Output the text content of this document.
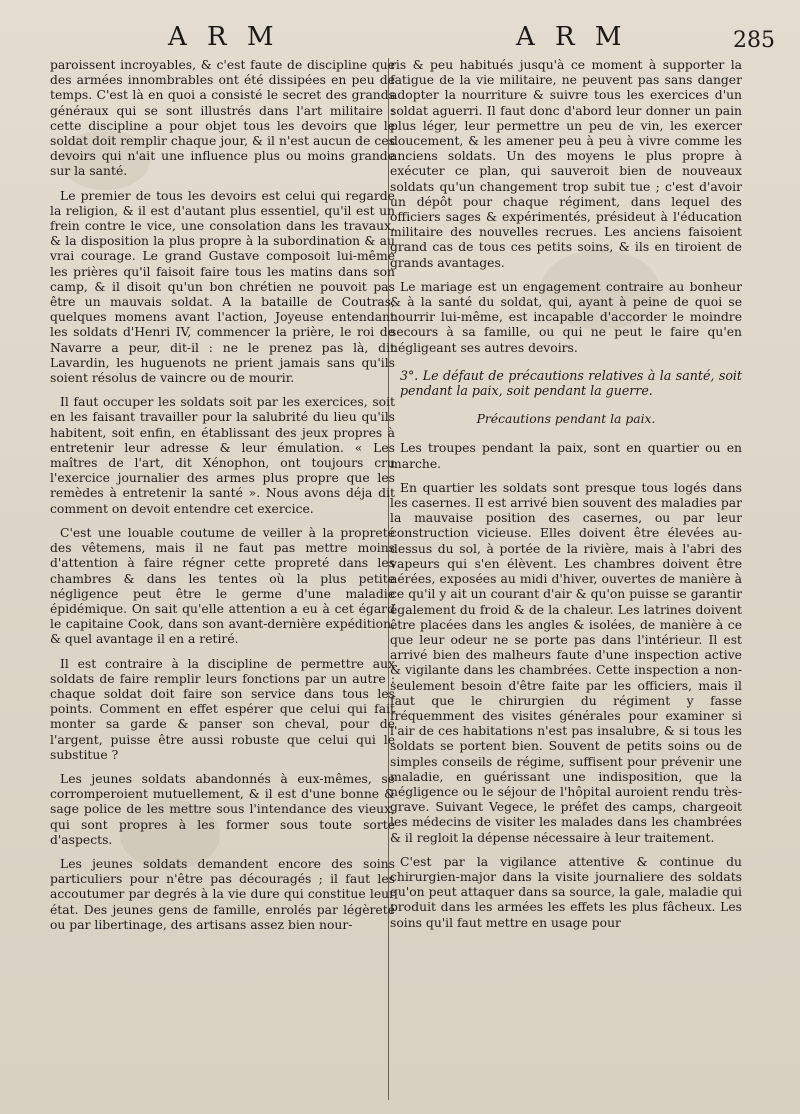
A R M	A R M	285

paroissent incroyables, & c'est faute de discipline que des armées innombrables ont été dissipées en peu de temps. C'est là en quoi a consisté le secret des grands généraux qui se sont illustrés dans l'art militaire : cette discipline a pour objet tous les devoirs que le soldat doit remplir chaque jour, & il n'est aucun de ces devoirs qui n'ait une influence plus ou moins grande sur la santé.

Le premier de tous les devoirs est celui qui regarde la religion, & il est d'autant plus essentiel, qu'il est un frein contre le vice, une consolation dans les travaux, & la disposition la plus propre à la subordination & au vrai courage. Le grand Gustave composoit lui-même les prières qu'il faisoit faire tous les matins dans son camp, & il disoit qu'un bon chrétien ne pouvoit pas être un mauvais soldat. A la bataille de Coutras, quelques momens avant l'action, Joyeuse entendant les soldats d'Henri IV, commencer la prière, le roi de Navarre a peur, dit-il : ne le prenez pas là, dit Lavardin, les huguenots ne prient jamais sans qu'ils soient résolus de vaincre ou de mourir.

Il faut occuper les soldats soit par les exercices, soit en les faisant travailler pour la salubrité du lieu qu'ils habitent, soit enfin, en établissant des jeux propres à entretenir leur adresse & leur émulation. « Les maîtres de l'art, dit Xénophon, ont toujours cru l'exercice journalier des armes plus propre que les remèdes à entretenir la santé ». Nous avons déja dit comment on devoit entendre cet exercice.

C'est une louable coutume de veiller à la propreté des vêtemens, mais il ne faut pas mettre moins d'attention à faire régner cette propreté dans les chambres & dans les tentes où la plus petite négligence peut être le germe d'une maladie épidémique. On sait qu'elle attention a eu à cet égard le capitaine Cook, dans son avant-dernière expédition, & quel avantage il en a retiré.

Il est contraire à la discipline de permettre aux soldats de faire remplir leurs fonctions par un autre : chaque soldat doit faire son service dans tous les points. Comment en effet espérer que celui qui fait monter sa garde & panser son cheval, pour de l'argent, puisse être aussi robuste que celui qui le substitue ?

Les jeunes soldats abandonnés à eux-mêmes, se corromperoient mutuellement, & il est d'une bonne & sage police de les mettre sous l'intendance des vieux, qui sont propres à les former sous toute sorte d'aspects.

Les jeunes soldats demandent encore des soins particuliers pour n'être pas découragés ; il faut les accoutumer par degrés à la vie dure qui constitue leur état. Des jeunes gens de famille, enrolés par légèreté ou par libertinage, des artisans assez bien nour-

ris & peu habitués jusqu'à ce moment à supporter la fatigue de la vie militaire, ne peuvent pas sans danger adopter la nourriture & suivre tous les exercices d'un soldat aguerri. Il faut donc d'abord leur donner un pain plus léger, leur permettre un peu de vin, les exercer doucement, & les amener peu à peu à vivre comme les anciens soldats. Un des moyens le plus propre à exécuter ce plan, qui sauveroit bien de nouveaux soldats qu'un changement trop subit tue ; c'est d'avoir un dépôt pour chaque régiment, dans lequel des officiers sages & expérimentés, présideut à l'éducation militaire des nouvelles recrues. Les anciens faisoient grand cas de tous ces petits soins, & ils en tiroient de grands avantages.

Le mariage est un engagement contraire au bonheur & à la santé du soldat, qui, ayant à peine de quoi se nourrir lui-même, est incapable d'accorder le moindre secours à sa famille, ou qui ne peut le faire qu'en négligeant ses autres devoirs.

3°. Le défaut de précautions relatives à la santé, soit pendant la paix, soit pendant la guerre.

Précautions pendant la paix.

Les troupes pendant la paix, sont en quartier ou en marche.

En quartier les soldats sont presque tous logés dans les casernes. Il est arrivé bien souvent des maladies par la mauvaise position des casernes, ou par leur construction vicieuse. Elles doivent être élevées au-dessus du sol, à portée de la rivière, mais à l'abri des vapeurs qui s'en élèvent. Les chambres doivent être aérées, exposées au midi d'hiver, ouvertes de manière à ce qu'il y ait un courant d'air & qu'on puisse se garantir également du froid & de la chaleur. Les latrines doivent être placées dans les angles & isolées, de manière à ce que leur odeur ne se porte pas dans l'intérieur. Il est arrivé bien des malheurs faute d'une inspection active & vigilante dans les chambrées. Cette inspection a non-seulement besoin d'être faite par les officiers, mais il faut que le chirurgien du régiment y fasse fréquemment des visites générales pour examiner si l'air de ces habitations n'est pas insalubre, & si tous les soldats se portent bien. Souvent de petits soins ou de simples conseils de régime, suffisent pour prévenir une maladie, en guérissant une indisposition, que la négligence ou le séjour de l'hôpital auroient rendu très-grave. Suivant Vegece, le préfet des camps, chargeoit les médecins de visiter les malades dans les chambrées & il regloit la dépense nécessaire à leur traitement.

C'est par la vigilance attentive & continue du chirurgien-major dans la visite journaliere des soldats qu'on peut attaquer dans sa source, la gale, maladie qui produit dans les armées les effets les plus fâcheux. Les soins qu'il faut mettre en usage pour
